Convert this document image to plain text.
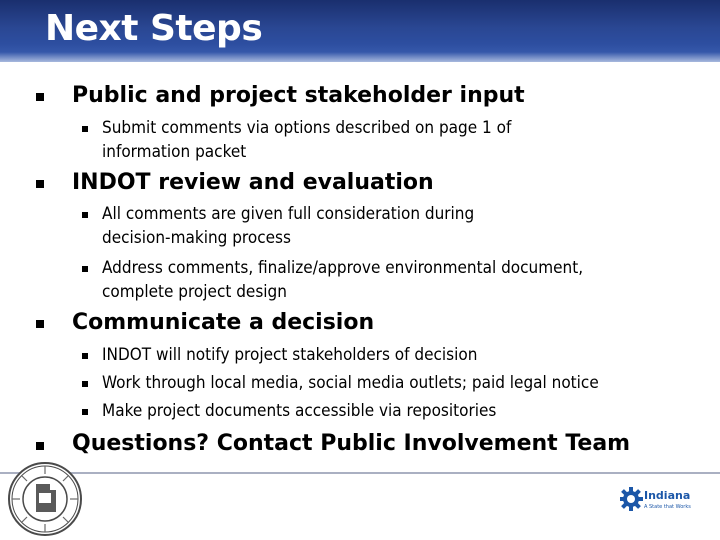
Next Steps
Public and project stakeholder input
Submit comments via options described on page 1 of
information packet
INDOT review and evaluation
All comments are given full consideration during
decision-making process
Address comments, finalize/approve environmental document,
complete project design
Communicate a decision
INDOT will notify project stakeholders of decision
Work through local media, social media outlets; paid legal notice
Make project documents accessible via repositories
Questions? Contact Public Involvement Team
Indiana
A State that Works
